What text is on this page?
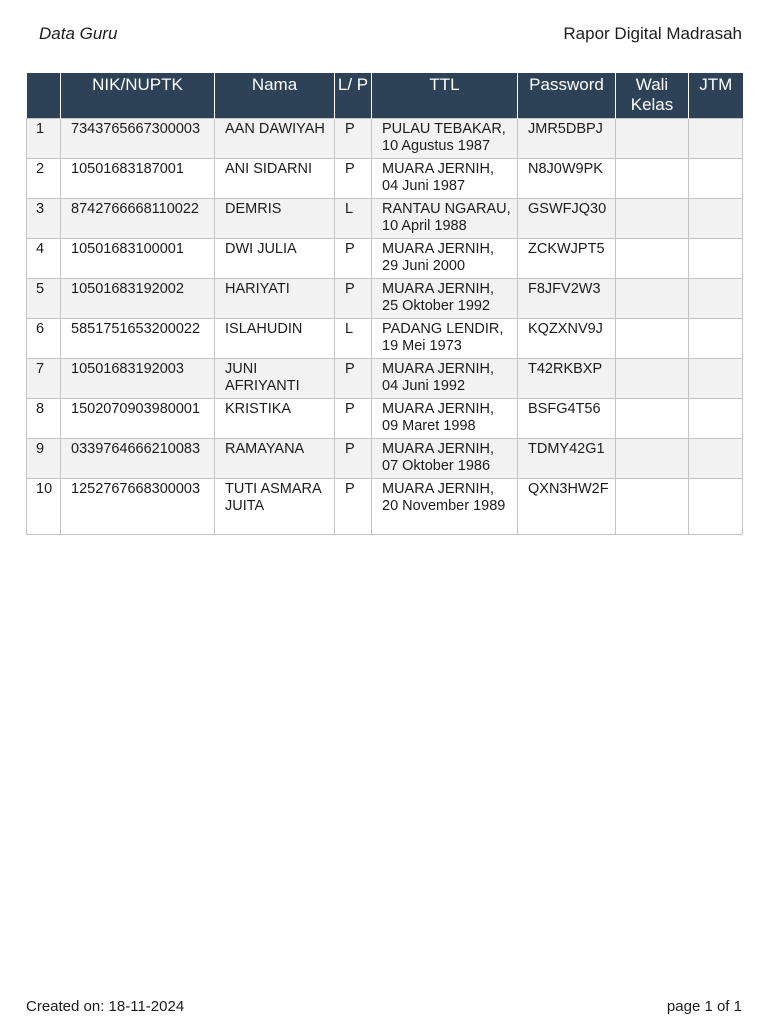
Data Guru	Rapor Digital Madrasah
	NIK/NUPTK	Nama	L/ P	TTL	Password	Wali Kelas	JTM
1	7343765667300003	AAN DAWIYAH	P	PULAU TEBAKAR, 10 Agustus 1987	JMR5DBPJ		
2	10501683187001	ANI SIDARNI	P	MUARA JERNIH, 04 Juni 1987	N8J0W9PK		
3	8742766668110022	DEMRIS	L	RANTAU NGARAU, 10 April 1988	GSWFJQ30		
4	10501683100001	DWI JULIA	P	MUARA JERNIH, 29 Juni 2000	ZCKWJPT5		
5	10501683192002	HARIYATI	P	MUARA JERNIH, 25 Oktober 1992	F8JFV2W3		
6	5851751653200022	ISLAHUDIN	L	PADANG LENDIR, 19 Mei 1973	KQZXNV9J		
7	10501683192003	JUNI AFRIYANTI	P	MUARA JERNIH, 04 Juni 1992	T42RKBXP		
8	1502070903980001	KRISTIKA	P	MUARA JERNIH, 09 Maret 1998	BSFG4T56		
9	0339764666210083	RAMAYANA	P	MUARA JERNIH, 07 Oktober 1986	TDMY42G1		
10	1252767668300003	TUTI ASMARA JUITA	P	MUARA JERNIH, 20 November 1989	QXN3HW2F		
Created on: 18-11-2024	page 1 of 1
